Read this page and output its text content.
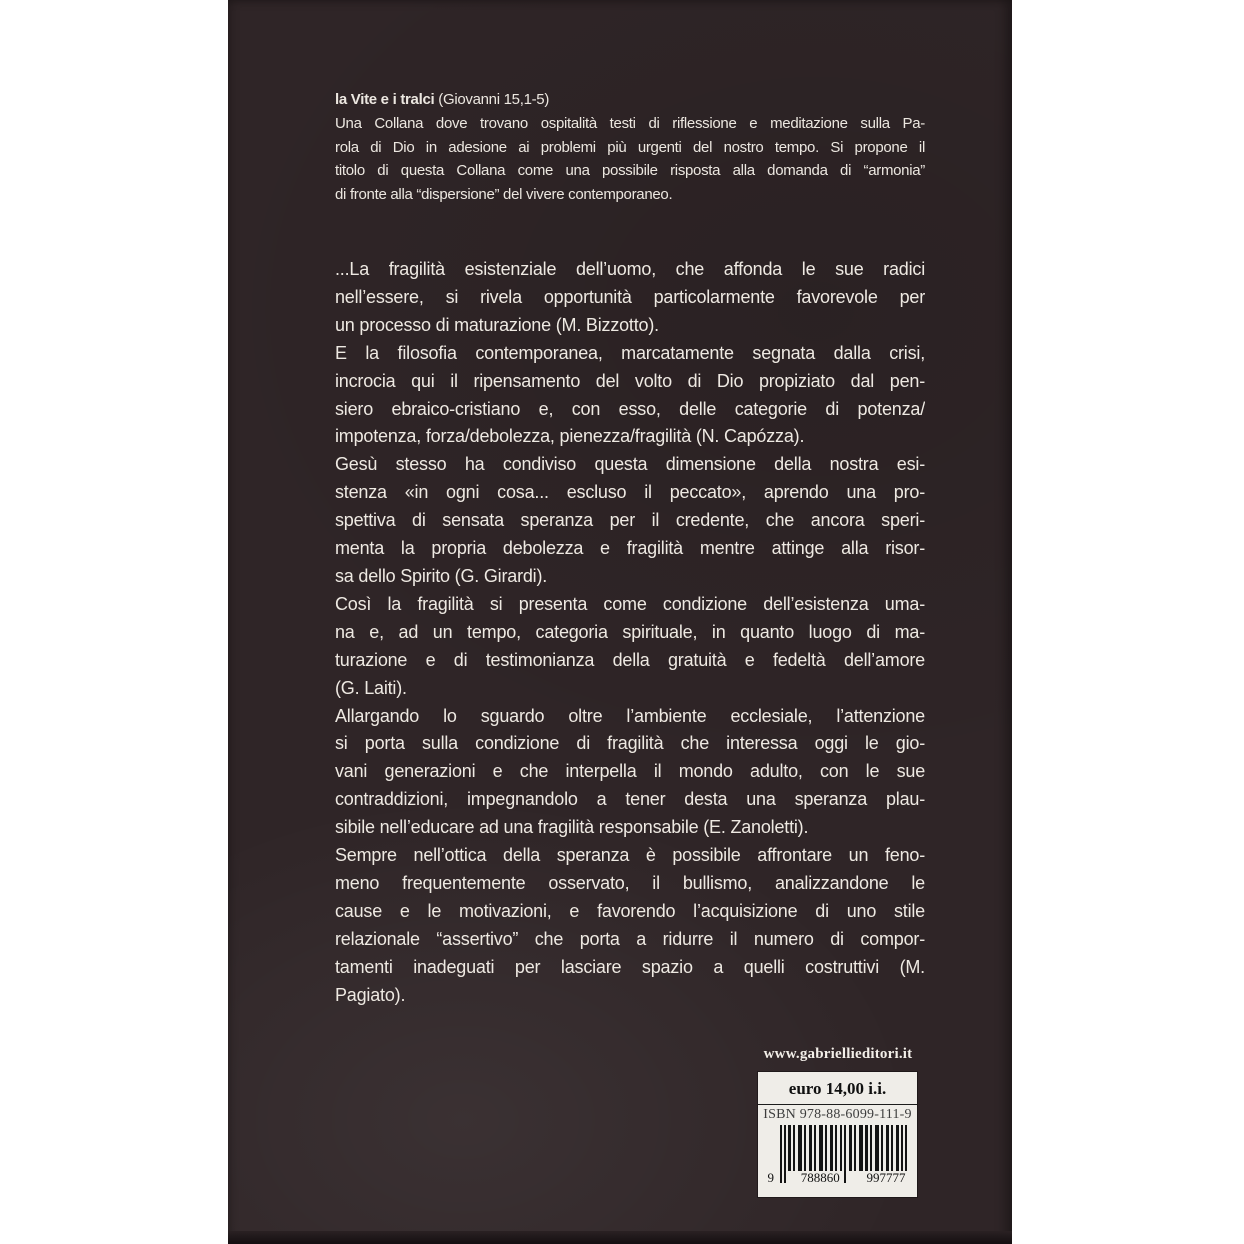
la Vite e i tralci (Giovanni 15,1-5)
Una Collana dove trovano ospitalità testi di riflessione e meditazione sulla Pa-
rola di Dio in adesione ai problemi più urgenti del nostro tempo. Si propone il
titolo di questa Collana come una possibile risposta alla domanda di “armonia”
di fronte alla “dispersione” del vivere contemporaneo.
...La fragilità esistenziale dell’uomo, che affonda le sue radici
nell’essere, si rivela opportunità particolarmente favorevole per
un processo di maturazione (M. Bizzotto).
E la filosofia contemporanea, marcatamente segnata dalla crisi,
incrocia qui il ripensamento del volto di Dio propiziato dal pen-
siero ebraico-cristiano e, con esso, delle categorie di potenza/
impotenza, forza/debolezza, pienezza/fragilità (N. Capózza).
Gesù stesso ha condiviso questa dimensione della nostra esi-
stenza «in ogni cosa... escluso il peccato», aprendo una pro-
spettiva di sensata speranza per il credente, che ancora speri-
menta la propria debolezza e fragilità mentre attinge alla risor-
sa dello Spirito (G. Girardi).
Così la fragilità si presenta come condizione dell’esistenza uma-
na e, ad un tempo, categoria spirituale, in quanto luogo di ma-
turazione e di testimonianza della gratuità e fedeltà dell’amore
(G. Laiti).
Allargando lo sguardo oltre l’ambiente ecclesiale, l’attenzione
si porta sulla condizione di fragilità che interessa oggi le gio-
vani generazioni e che interpella il mondo adulto, con le sue
contraddizioni, impegnandolo a tener desta una speranza plau-
sibile nell’educare ad una fragilità responsabile (E. Zanoletti).
Sempre nell’ottica della speranza è possibile affrontare un feno-
meno frequentemente osservato, il bullismo, analizzandone le
cause e le motivazioni, e favorendo l’acquisizione di uno stile
relazionale “assertivo” che porta a ridurre il numero di compor-
tamenti inadeguati per lasciare spazio a quelli costruttivi (M.
Pagiato).
www.gabriellieditori.it
euro 14,00 i.i.
ISBN 978-88-6099-111-9
9 788860 997777
